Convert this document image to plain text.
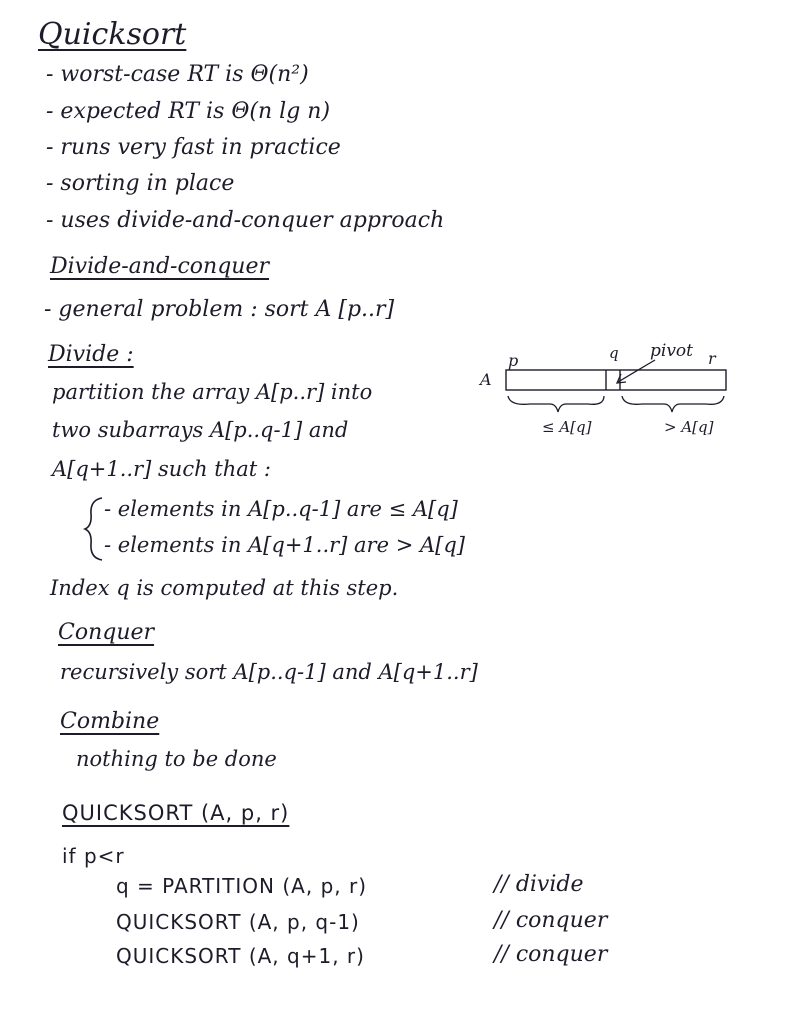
Quicksort
- worst-case RT is Θ(n²)
- expected RT is Θ(n lg n)
- runs very fast in practice
- sorting in place
- uses divide-and-conquer approach
Divide-and-conquer
- general problem : sort A [p..r]
Divide :
partition the array A[p..r] into
two subarrays A[p..q-1] and
A[q+1..r] such that :
- elements in A[p..q-1] are ≤ A[q]
- elements in A[q+1..r] are > A[q]
Index q is computed at this step.
A
p	q	r
pivot
≤ A[q]	> A[q]
Conquer
recursively sort A[p..q-1] and A[q+1..r]
Combine
nothing to be done
QUICKSORT (A, p, r)
if p<r
q = PARTITION (A, p, r)	// divide
QUICKSORT (A, p, q-1)	// conquer
QUICKSORT (A, q+1, r)	// conquer
